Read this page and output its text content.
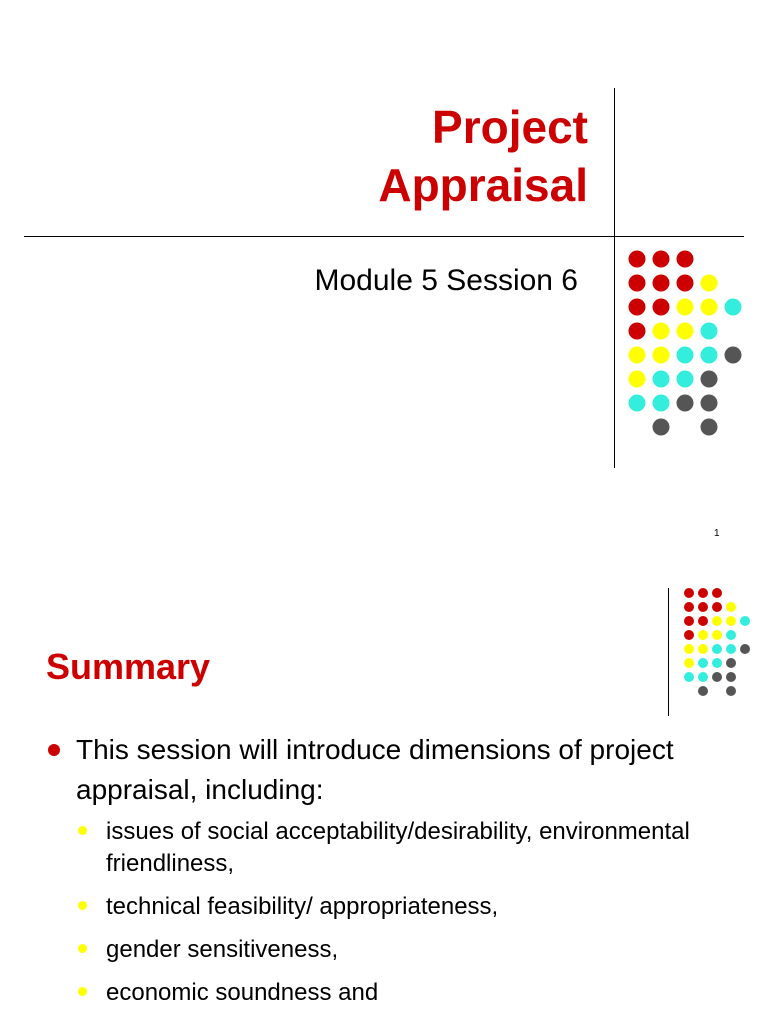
Project
Appraisal

Module 5 Session 6

1
Summary
This session will introduce dimensions of project appraisal, including:
issues of social acceptability/desirability, environmental friendliness,
technical feasibility/ appropriateness,
gender sensitiveness,
economic soundness and
